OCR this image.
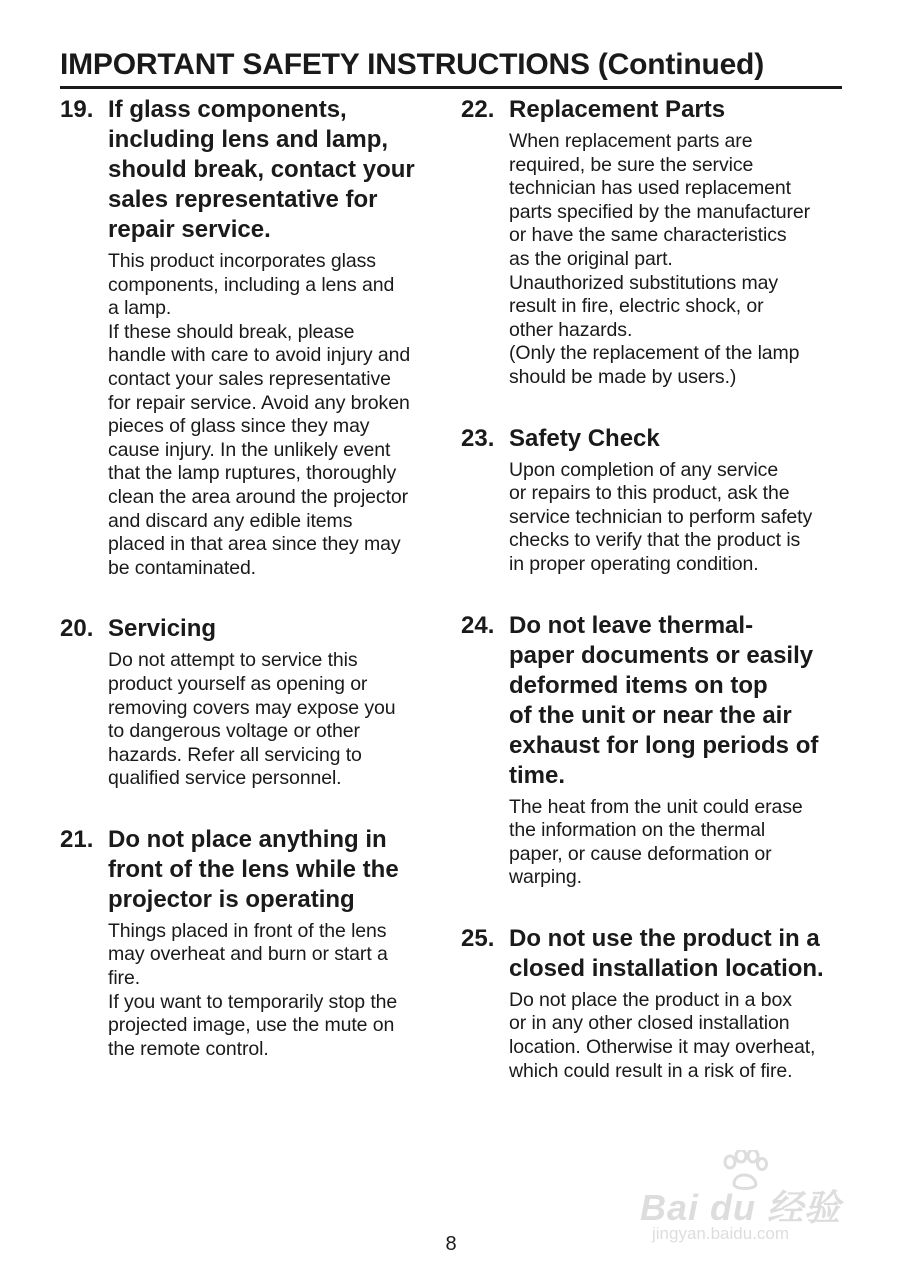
IMPORTANT SAFETY INSTRUCTIONS (Continued)
19. If glass components,
including lens and lamp,
should break, contact your
sales representative for
repair service.

This product incorporates glass
components, including a lens and
a lamp.
If these should break, please
handle with care to avoid injury and
contact your sales representative
for repair service. Avoid any broken
pieces of glass since they may
cause injury. In the unlikely event
that the lamp ruptures, thoroughly
clean the area around the projector
and discard any edible items
placed in that area since they may
be contaminated.

20. Servicing

Do not attempt to service this
product yourself as opening or
removing covers may expose you
to dangerous voltage or other
hazards. Refer all servicing to
qualified service personnel.

21. Do not place anything in
front of the lens while the
projector is operating

Things placed in front of the lens
may overheat and burn or start a
fire.
If you want to temporarily stop the
projected image, use the mute on
the remote control.

22. Replacement Parts

When replacement parts are
required, be sure the service
technician has used replacement
parts specified by the manufacturer
or have the same characteristics
as the original part.
Unauthorized substitutions may
result in fire, electric shock, or
other hazards.
(Only the replacement of the lamp
should be made by users.)

23. Safety Check

Upon completion of any service
or repairs to this product, ask the
service technician to perform safety
checks to verify that the product is
in proper operating condition.

24. Do not leave thermal-
paper documents or easily
deformed items on top
of the unit or near the air
exhaust for long periods of
time.

The heat from the unit could erase
the information on the thermal
paper, or cause deformation or
warping.

25. Do not use the product in a
closed installation location.

Do not place the product in a box
or in any other closed installation
location. Otherwise it may overheat,
which could result in a risk of fire.

Bai du 经验
jingyan.baidu.com
8
